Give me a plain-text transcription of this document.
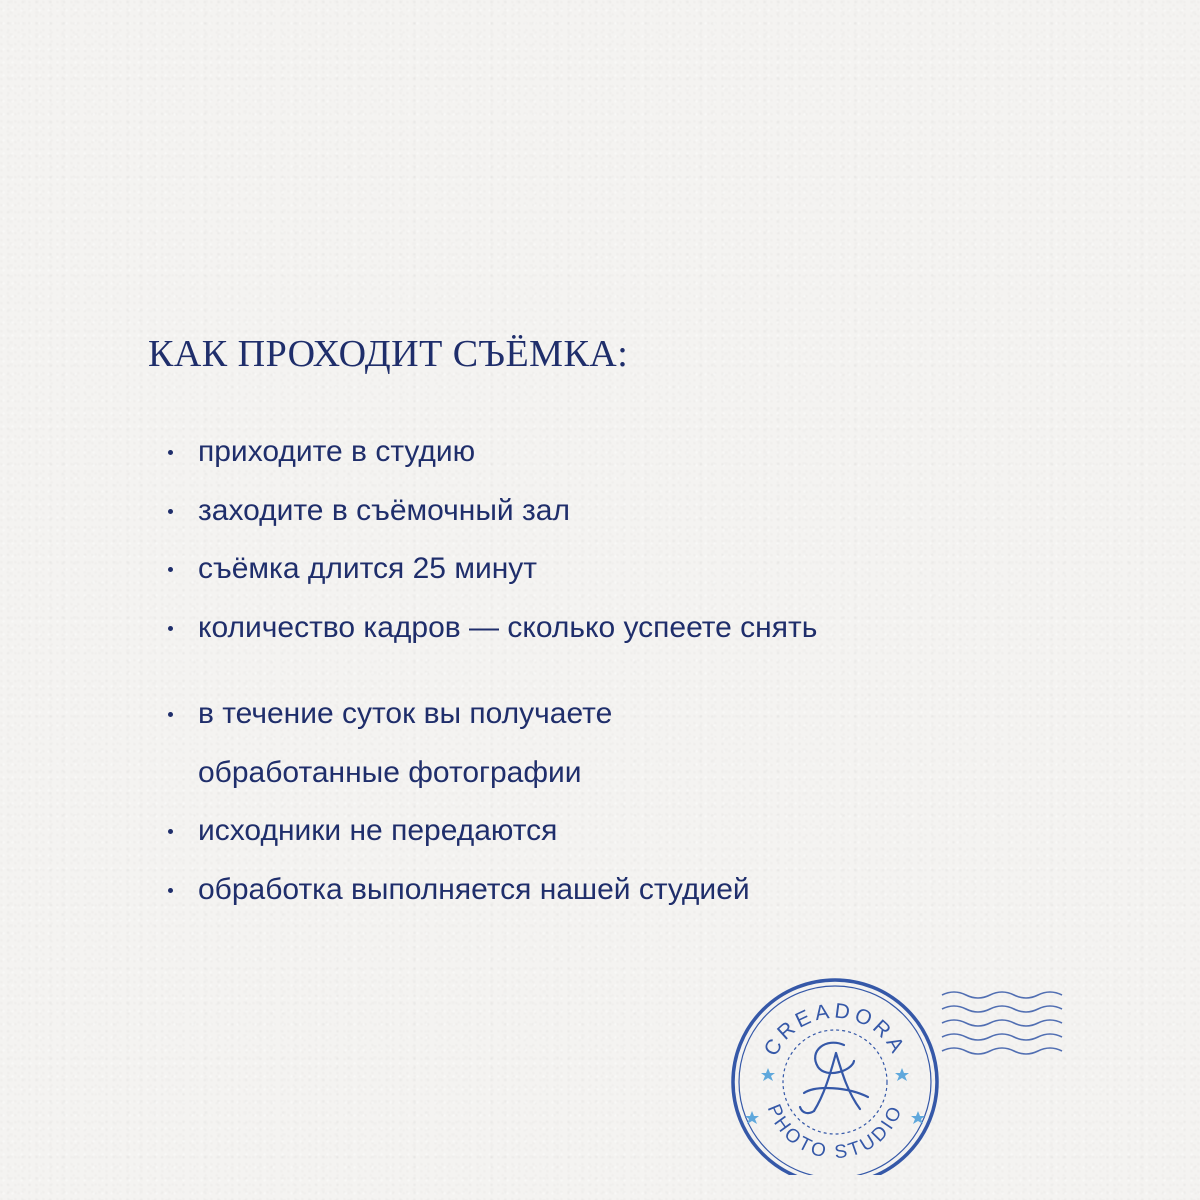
КАК ПРОХОДИТ СЪЁМКА:
приходите в студию
заходите в съёмочный зал
съёмка длится 25 минут
количество кадров — сколько успеете снять
в течение суток вы получаете
обработанные фотографии
исходники не передаются
обработка выполняется нашей студией
CREADORA
PHOTO STUDIO
